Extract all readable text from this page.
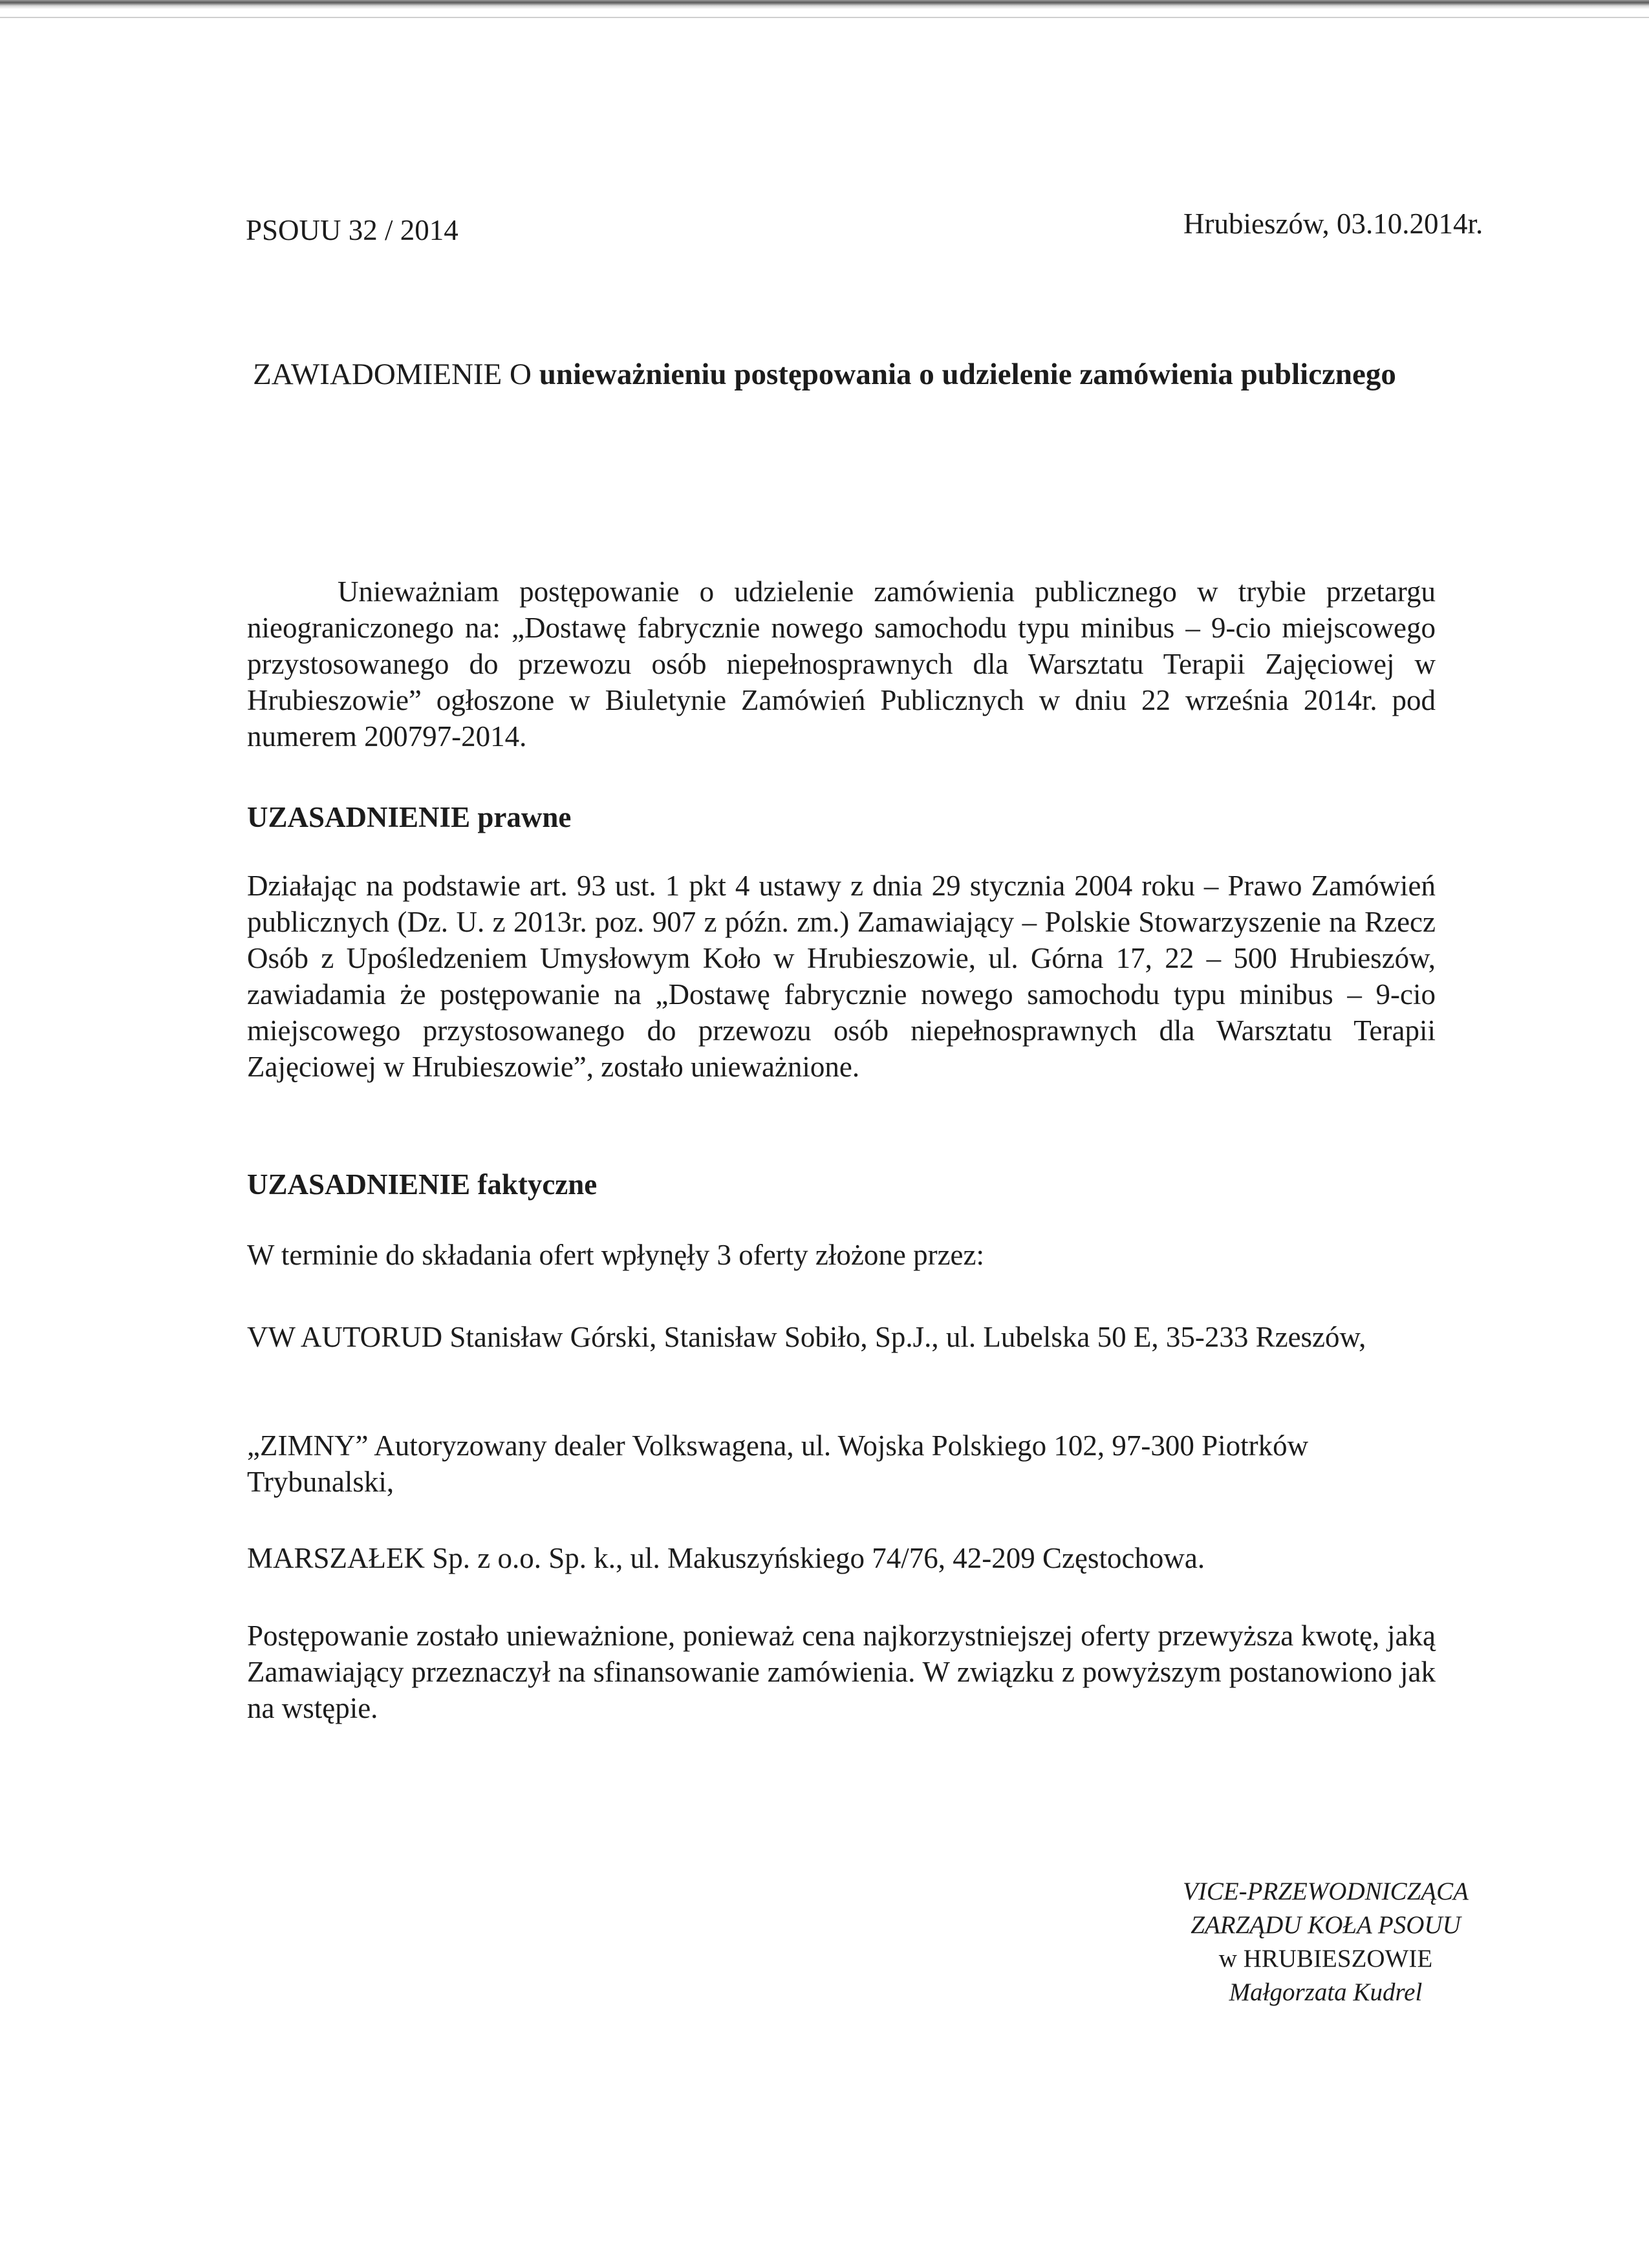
Hrubieszów, 03.10.2014r.
PSOUU 32 / 2014
ZAWIADOMIENIE O unieważnieniu postępowania o udzielenie zamówienia publicznego
Unieważniam postępowanie o udzielenie zamówienia publicznego w trybie przetargu nieograniczonego na: „Dostawę fabrycznie nowego samochodu typu minibus – 9-cio miejscowego przystosowanego do przewozu osób niepełnosprawnych dla Warsztatu Terapii Zajęciowej w Hrubieszowie” ogłoszone w Biuletynie Zamówień Publicznych w dniu 22 września 2014r. pod numerem 200797-2014.
UZASADNIENIE prawne
Działając na podstawie art. 93 ust. 1 pkt 4 ustawy z dnia 29 stycznia 2004 roku – Prawo Zamówień publicznych (Dz. U. z 2013r. poz. 907 z późn. zm.) Zamawiający – Polskie Stowarzyszenie na Rzecz Osób z Upośledzeniem Umysłowym Koło w Hrubieszowie, ul. Górna 17, 22 – 500 Hrubieszów, zawiadamia że postępowanie na „Dostawę fabrycznie nowego samochodu typu minibus – 9-cio miejscowego przystosowanego do przewozu osób niepełnosprawnych dla Warsztatu Terapii Zajęciowej w Hrubieszowie”, zostało unieważnione.
UZASADNIENIE faktyczne
W terminie do składania ofert wpłynęły 3 oferty złożone przez:
VW AUTORUD Stanisław Górski, Stanisław Sobiło, Sp.J., ul. Lubelska 50 E, 35-233 Rzeszów,
„ZIMNY” Autoryzowany dealer Volkswagena, ul. Wojska Polskiego 102, 97-300 Piotrków Trybunalski,
MARSZAŁEK Sp. z o.o. Sp. k., ul. Makuszyńskiego 74/76, 42-209 Częstochowa.
Postępowanie zostało unieważnione, ponieważ cena najkorzystniejszej oferty przewyższa kwotę, jaką Zamawiający przeznaczył na sfinansowanie zamówienia. W związku z powyższym postanowiono jak na wstępie.
VICE-PRZEWODNICZĄCA
ZARZĄDU KOŁA PSOUU
w HRUBIESZOWIE
Małgorzata Kudrel
